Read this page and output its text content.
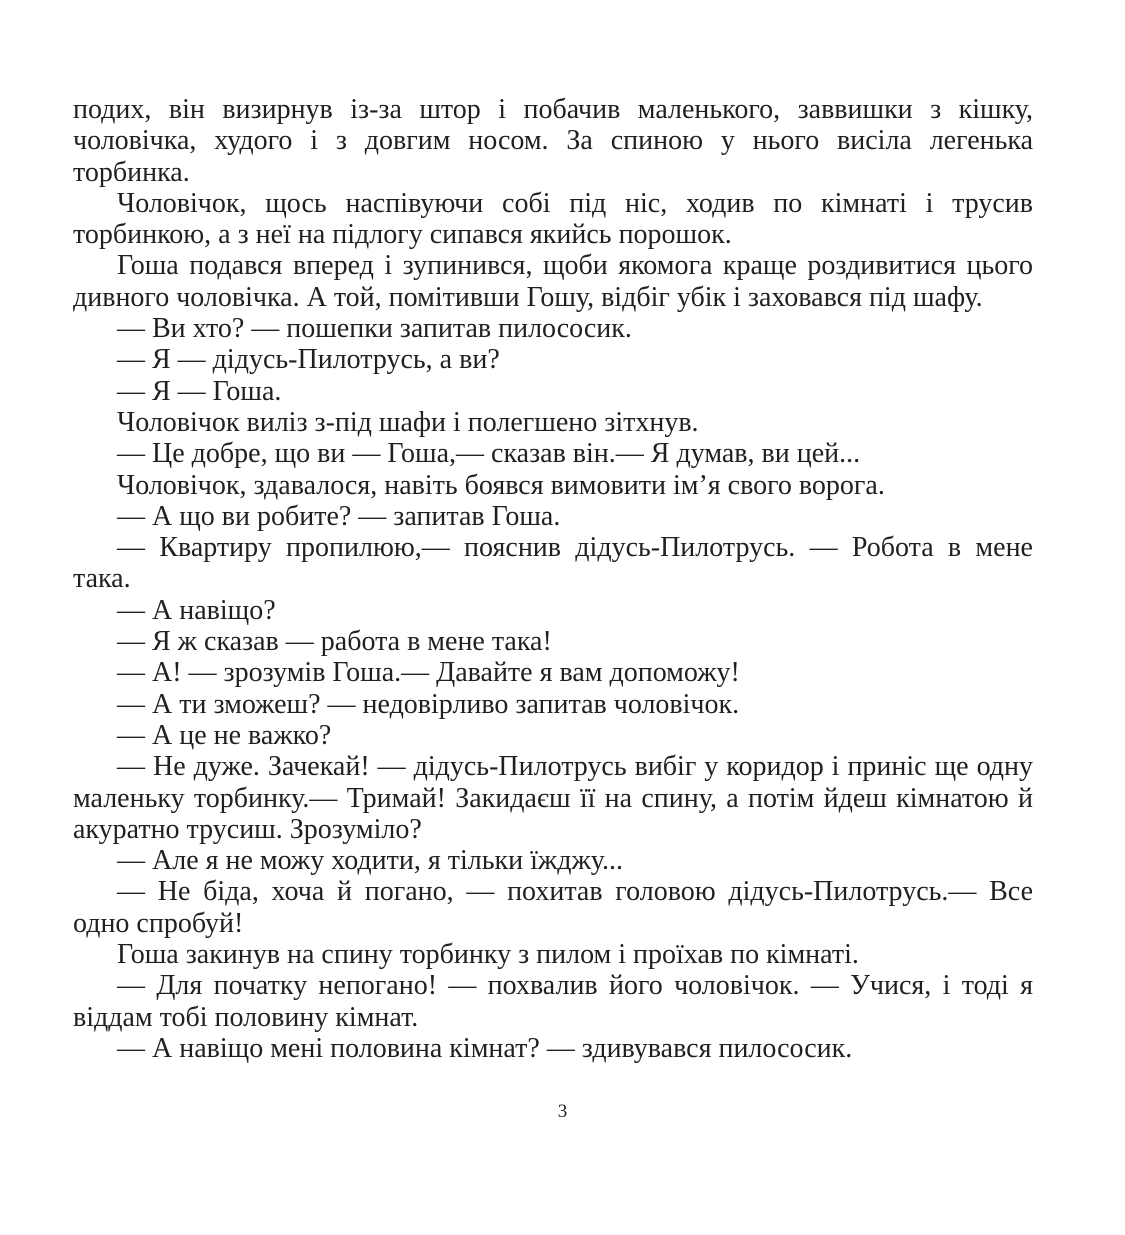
подих, він визирнув із-за штор і побачив маленького, заввишки з кішку, чоловічка, худого і з довгим носом. За спиною у нього висіла легенька торбинка.

Чоловічок, щось наспівуючи собі під ніс, ходив по кімнаті і трусив торбинкою, а з неї на підлогу сипався якийсь порошок.

Гоша подався вперед і зупинився, щоби якомога краще роздивитися цього дивного чоловічка. А той, помітивши Гошу, відбіг убік і заховався під шафу.

— Ви хто? — пошепки запитав пилососик.

— Я — дідусь-Пилотрусь, а ви?

— Я — Гоша.

Чоловічок виліз з-під шафи і полегшено зітхнув.

— Це добре, що ви — Гоша,— сказав він.— Я думав, ви цей...

Чоловічок, здавалося, навіть боявся вимовити ім’я свого ворога.

— А що ви робите? — запитав Гоша.

— Квартиру пропилюю,— пояснив дідусь-Пилотрусь. — Робота в мене така.

— А навіщо?

— Я ж сказав — работа в мене така!

— А! — зрозумів Гоша.— Давайте я вам допоможу!

— А ти зможеш? — недовірливо запитав чоловічок.

— А це не важко?

— Не дуже. Зачекай! — дідусь-Пилотрусь вибіг у коридор і приніс ще одну маленьку торбинку.— Тримай! Закидаєш її на спину, а потім йдеш кімнатою й акуратно трусиш. Зрозуміло?

— Але я не можу ходити, я тільки їжджу...

— Не біда, хоча й погано, — похитав головою дідусь-Пилотрусь.— Все одно спробуй!

Гоша закинув на спину торбинку з пилом і проїхав по кімнаті.

— Для початку непогано! — похвалив його чоловічок. — Учися, і тоді я віддам тобі половину кімнат.

— А навіщо мені половина кімнат? — здивувався пилососик.

3
